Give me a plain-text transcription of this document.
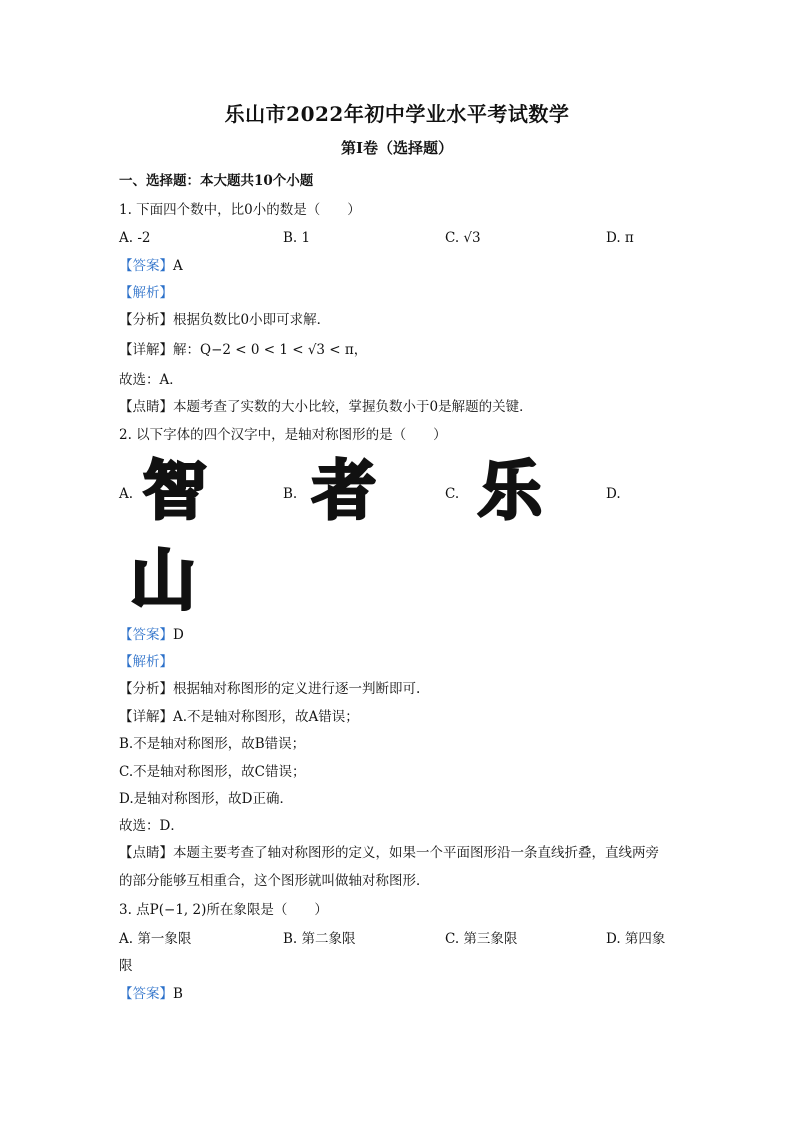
乐山市2022年初中学业水平考试数学
第Ⅰ卷（选择题）
一、选择题：本大题共10个小题
1. 下面四个数中，比0小的数是（　　）
A. -2	B. 1	C. √3	D. π
【答案】A
【解析】
【分析】根据负数比0小即可求解．
【详解】解：Q−2 < 0 < 1 < √3 < π，
故选：A．
【点睛】本题考查了实数的大小比较，掌握负数小于0是解题的关键．
2. 以下字体的四个汉字中，是轴对称图形的是（　　）
A.	B.	C.	D.
智 者 乐
山
【答案】D
【解析】
【分析】根据轴对称图形的定义进行逐一判断即可.
【详解】A.不是轴对称图形，故A错误；
B.不是轴对称图形，故B错误；
C.不是轴对称图形，故C错误；
D.是轴对称图形，故D正确．
故选：D．
【点睛】本题主要考查了轴对称图形的定义，如果一个平面图形沿一条直线折叠，直线两旁
的部分能够互相重合，这个图形就叫做轴对称图形．
3. 点P(−1, 2)所在象限是（　　）
A. 第一象限	B. 第二象限	C. 第三象限	D. 第四象
限
【答案】B
